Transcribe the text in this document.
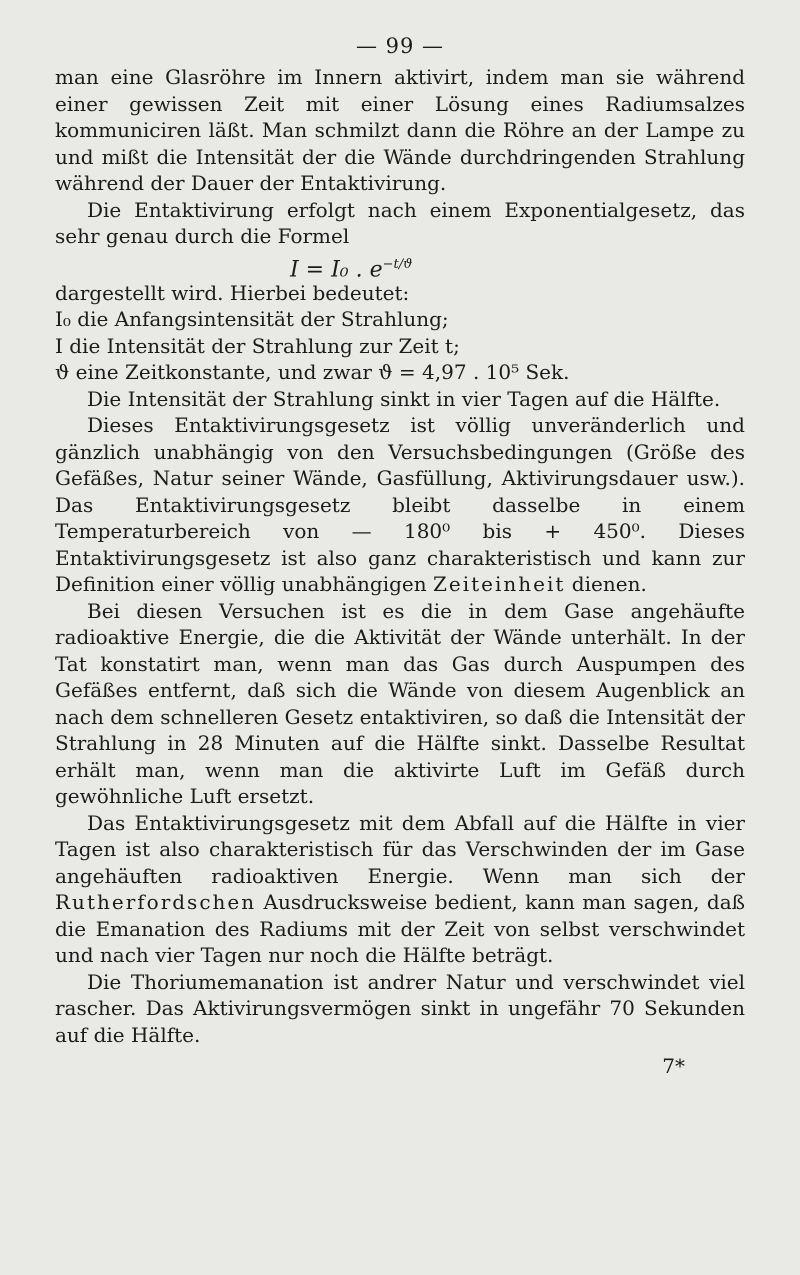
— 99 —

man eine Glasröhre im Innern aktivirt, indem man sie während einer gewissen Zeit mit einer Lösung eines Radiumsalzes kommuniciren läßt. Man schmilzt dann die Röhre an der Lampe zu und mißt die Intensität der die Wände durchdringenden Strahlung während der Dauer der Entaktivirung.

Die Entaktivirung erfolgt nach einem Exponentialgesetz, das sehr genau durch die Formel

I = I₀ . $e^{-t/ϑ}$

dargestellt wird. Hierbei bedeutet:

I₀ die Anfangsintensität der Strahlung;

I die Intensität der Strahlung zur Zeit t;

ϑ eine Zeitkonstante, und zwar ϑ = 4,97 . 10⁵ Sek.

Die Intensität der Strahlung sinkt in vier Tagen auf die Hälfte.

Dieses Entaktivirungsgesetz ist völlig unveränderlich und gänzlich unabhängig von den Versuchsbedingungen (Größe des Gefäßes, Natur seiner Wände, Gasfüllung, Aktivirungsdauer usw.). Das Entaktivirungsgesetz bleibt dasselbe in einem Temperaturbereich von — 180⁰ bis + 450⁰. Dieses Entaktivirungsgesetz ist also ganz charakteristisch und kann zur Definition einer völlig unabhängigen Zeiteinheit dienen.

Bei diesen Versuchen ist es die in dem Gase angehäufte radioaktive Energie, die die Aktivität der Wände unterhält. In der Tat konstatirt man, wenn man das Gas durch Auspumpen des Gefäßes entfernt, daß sich die Wände von diesem Augenblick an nach dem schnelleren Gesetz entaktiviren, so daß die Intensität der Strahlung in 28 Minuten auf die Hälfte sinkt. Dasselbe Resultat erhält man, wenn man die aktivirte Luft im Gefäß durch gewöhnliche Luft ersetzt.

Das Entaktivirungsgesetz mit dem Abfall auf die Hälfte in vier Tagen ist also charakteristisch für das Verschwinden der im Gase angehäuften radioaktiven Energie. Wenn man sich der Rutherfordschen Ausdrucksweise bedient, kann man sagen, daß die Emanation des Radiums mit der Zeit von selbst verschwindet und nach vier Tagen nur noch die Hälfte beträgt.

Die Thoriumemanation ist andrer Natur und verschwindet viel rascher. Das Aktivirungsvermögen sinkt in ungefähr 70 Sekunden auf die Hälfte.

7*
